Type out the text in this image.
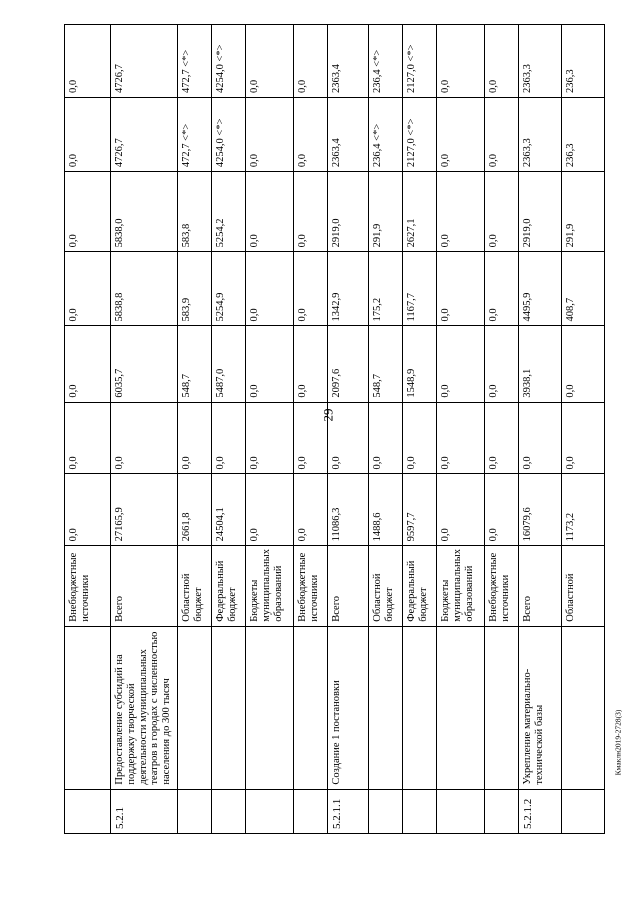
29
Кмаклн2019-2728(3)
		Внебюджетные источники	0,0	0,0	0,0	0,0	0,0	0,0	0,0
5.2.1	Предоставление субсидий на поддержку творческой деятельности муниципальных театров в городах с численностью населения до 300 тысяч	Всего	27165,9	0,0	6035,7	5838,8	5838,0	4726,7	4726,7
		Областной бюджет	2661,8	0,0	548,7	583,9	583,8	472,7 <*>	472,7 <*>
		Федеральный бюджет	24504,1	0,0	5487,0	5254,9	5254,2	4254,0 <*>	4254,0 <*>
		Бюджеты муниципальных образований	0,0	0,0	0,0	0,0	0,0	0,0	0,0
		Внебюджетные источники	0,0	0,0	0,0	0,0	0,0	0,0	0,0
5.2.1.1	Создание 1 постановки	Всего	11086,3	0,0	2097,6	1342,9	2919,0	2363,4	2363,4
		Областной бюджет	1488,6	0,0	548,7	175,2	291,9	236,4 <*>	236,4 <*>
		Федеральный бюджет	9597,7	0,0	1548,9	1167,7	2627,1	2127,0 <*>	2127,0 <*>
		Бюджеты муниципальных образований	0,0	0,0	0,0	0,0	0,0	0,0	0,0
		Внебюджетные источники	0,0	0,0	0,0	0,0	0,0	0,0	0,0
5.2.1.2	Укрепление материально-технической базы	Всего	16079,6	0,0	3938,1	4495,9	2919,0	2363,3	2363,3
		Областной	1173,2	0,0	0,0	408,7	291,9	236,3	236,3
